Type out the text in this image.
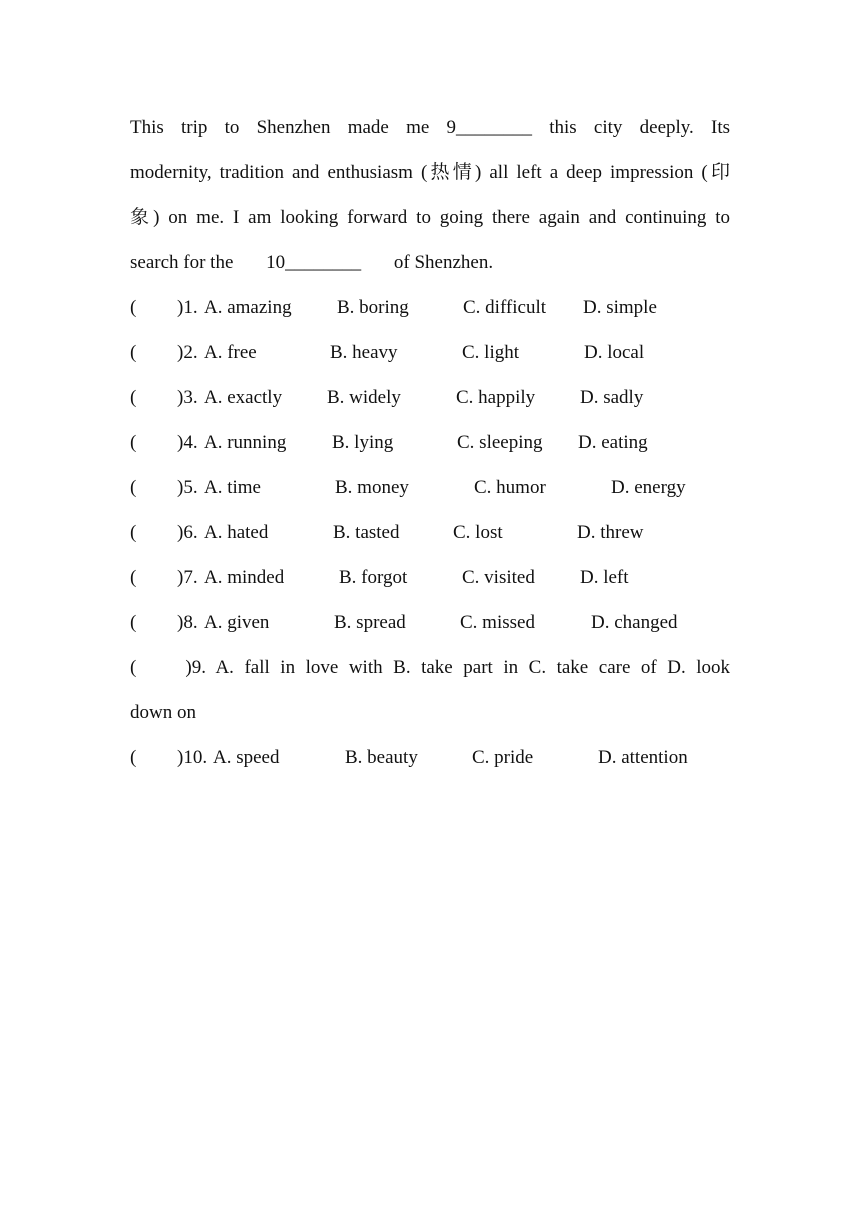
This trip to Shenzhen made me 9________ this city deeply. Its
modernity, tradition and enthusiasm (热情) all left a deep impression (印
象) on me. I am looking forward to going there again and continuing to
search for the 10________ of Shenzhen.
( )1. A. amazing B. boring	C. difficult D. simple
( )2. A. free	B. heavy	C. light	D. local
( )3. A. exactly B. widely	C. happily D. sadly
( )4. A. running B. lying	C. sleeping D. eating
( )5. A. time	B. money	C. humor	D. energy
( )6. A. hated	B. tasted	C. lost	D. threw
( )7. A. minded	B. forgot	C. visited D. left
( )8. A. given	B. spread	C. missed	D. changed
(	)9. A. fall in love with B. take part in C. take care of D. look
down on
( )10. A. speed	B. beauty	C. pride	D. attention
